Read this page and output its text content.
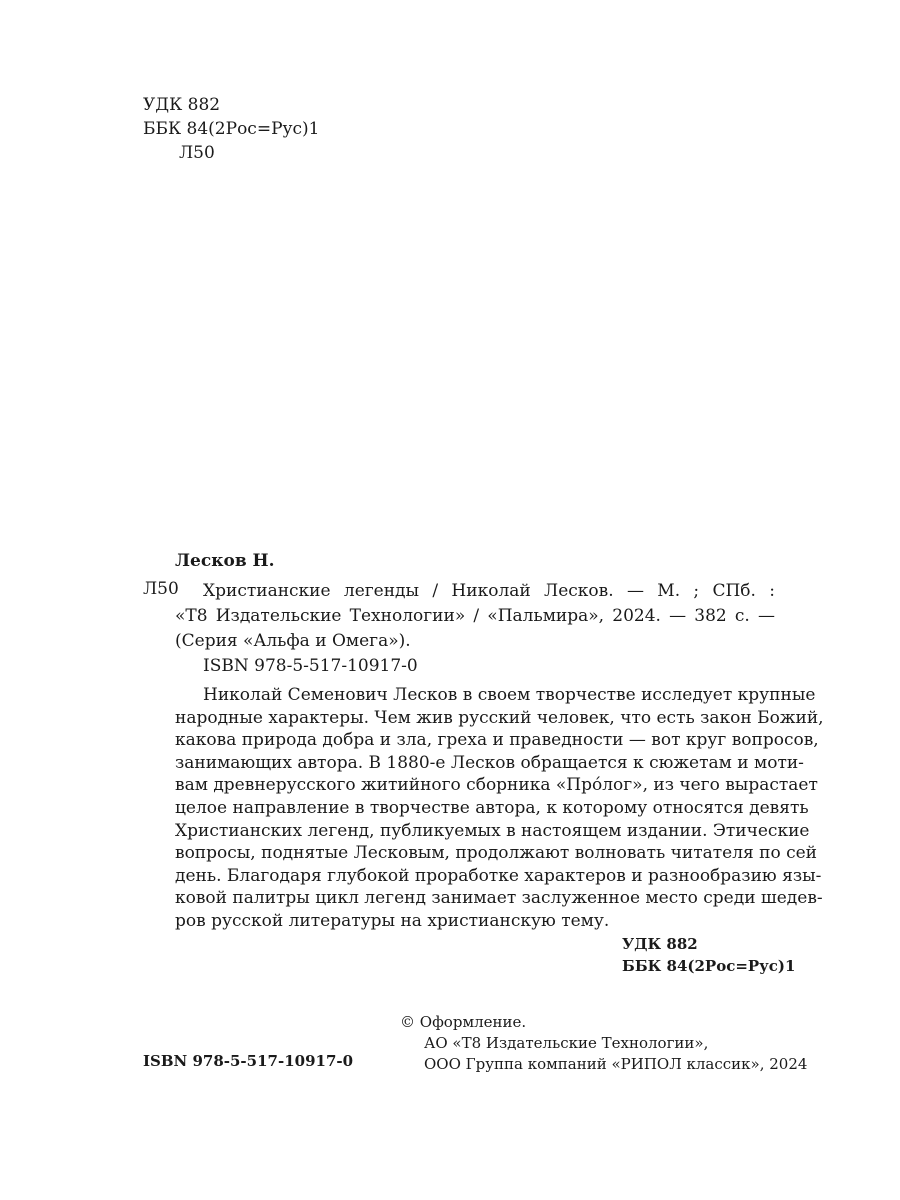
УДК 882
ББК 84(2Рос=Рус)1
Л50
Лесков Н.
Л50	Христианские легенды / Николай Лесков. — М. ; СПб. :
«Т8 Издательские Технологии» / «Пальмира», 2024. — 382 с. —
(Серия «Альфа и Омега»).
ISBN 978-5-517-10917-0
Николай Семенович Лесков в своем творчестве исследует крупные
народные характеры. Чем жив русский человек, что есть закон Божий,
какова природа добра и зла, греха и праведности — вот круг вопросов,
занимающих автора. В 1880-е Лесков обращается к сюжетам и моти-
вам древнерусского житийного сборника «Про́лог», из чего вырастает
целое направление в творчестве автора, к которому относятся девять
Христианских легенд, публикуемых в настоящем издании. Этические
вопросы, поднятые Лесковым, продолжают волновать читателя по сей
день. Благодаря глубокой проработке характеров и разнообразию язы-
ковой палитры цикл легенд занимает заслуженное место среди шедев-
ров русской литературы на христианскую тему.
УДК 882
ББК 84(2Рос=Рус)1
© Оформление.
АО «Т8 Издательские Технологии»,
ООО Группа компаний «РИПОЛ классик», 2024
ISBN 978-5-517-10917-0
